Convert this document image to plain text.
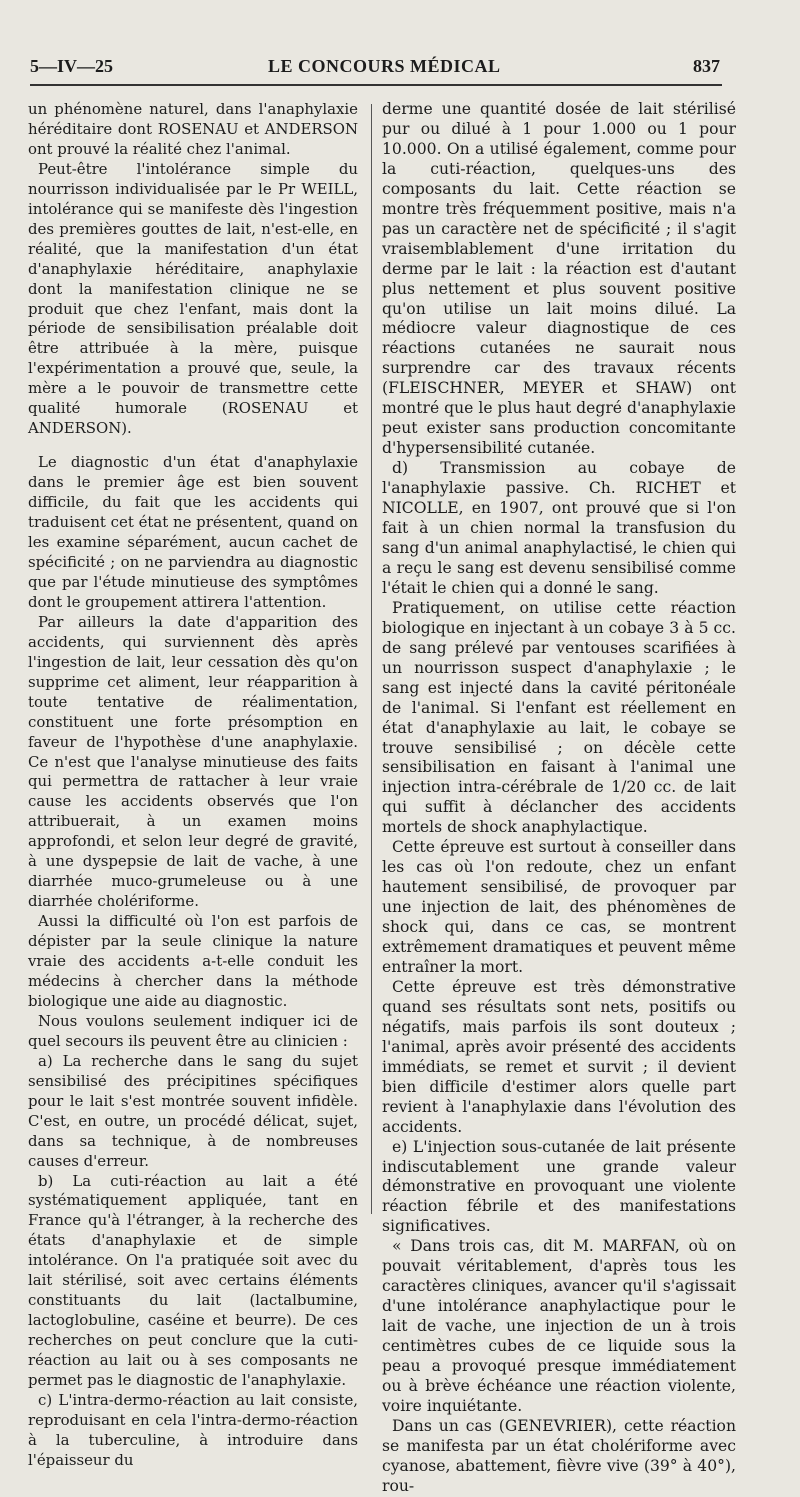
5—IV—25	LE CONCOURS MÉDICAL	837

un phénomène naturel, dans l'anaphylaxie héréditaire dont ROSENAU et ANDERSON ont prouvé la réalité chez l'animal.

Peut-être l'intolérance simple du nourrisson individualisée par le Pr WEILL, intolérance qui se manifeste dès l'ingestion des premières gouttes de lait, n'est-elle, en réalité, que la manifestation d'un état d'anaphylaxie héréditaire, anaphylaxie dont la manifestation clinique ne se produit que chez l'enfant, mais dont la période de sensibilisation préalable doit être attribuée à la mère, puisque l'expérimentation a prouvé que, seule, la mère a le pouvoir de transmettre cette qualité humorale (ROSENAU et ANDERSON).

Le diagnostic d'un état d'anaphylaxie dans le premier âge est bien souvent difficile, du fait que les accidents qui traduisent cet état ne présentent, quand on les examine séparément, aucun cachet de spécificité ; on ne parviendra au diagnostic que par l'étude minutieuse des symptômes dont le groupement attirera l'attention.

Par ailleurs la date d'apparition des accidents, qui surviennent dès après l'ingestion de lait, leur cessation dès qu'on supprime cet aliment, leur réapparition à toute tentative de réalimentation, constituent une forte présomption en faveur de l'hypothèse d'une anaphylaxie. Ce n'est que l'analyse minutieuse des faits qui permettra de rattacher à leur vraie cause les accidents observés que l'on attribuerait, à un examen moins approfondi, et selon leur degré de gravité, à une dyspepsie de lait de vache, à une diarrhée muco-grumeleuse ou à une diarrhée cholériforme.

Aussi la difficulté où l'on est parfois de dépister par la seule clinique la nature vraie des accidents a-t-elle conduit les médecins à chercher dans la méthode biologique une aide au diagnostic.

Nous voulons seulement indiquer ici de quel secours ils peuvent être au clinicien :

a) La recherche dans le sang du sujet sensibilisé des précipitines spécifiques pour le lait s'est montrée souvent infidèle. C'est, en outre, un procédé délicat, sujet, dans sa technique, à de nombreuses causes d'erreur.

b) La cuti-réaction au lait a été systématiquement appliquée, tant en France qu'à l'étranger, à la recherche des états d'anaphylaxie et de simple intolérance. On l'a pratiquée soit avec du lait stérilisé, soit avec certains éléments constituants du lait (lactalbumine, lactoglobuline, caséine et beurre). De ces recherches on peut conclure que la cuti-réaction au lait ou à ses composants ne permet pas le diagnostic de l'anaphylaxie.

c) L'intra-dermo-réaction au lait consiste, reproduisant en cela l'intra-dermo-réaction à la tuberculine, à introduire dans l'épaisseur du

derme une quantité dosée de lait stérilisé pur ou dilué à 1 pour 1.000 ou 1 pour 10.000. On a utilisé également, comme pour la cuti-réaction, quelques-uns des composants du lait. Cette réaction se montre très fréquemment positive, mais n'a pas un caractère net de spécificité ; il s'agit vraisemblablement d'une irritation du derme par le lait : la réaction est d'autant plus nettement et plus souvent positive qu'on utilise un lait moins dilué. La médiocre valeur diagnostique de ces réactions cutanées ne saurait nous surprendre car des travaux récents (FLEISCHNER, MEYER et SHAW) ont montré que le plus haut degré d'anaphylaxie peut exister sans production concomitante d'hypersensibilité cutanée.

d) Transmission au cobaye de l'anaphylaxie passive. Ch. RICHET et NICOLLE, en 1907, ont prouvé que si l'on fait à un chien normal la transfusion du sang d'un animal anaphylactisé, le chien qui a reçu le sang est devenu sensibilisé comme l'était le chien qui a donné le sang.

Pratiquement, on utilise cette réaction biologique en injectant à un cobaye 3 à 5 cc. de sang prélevé par ventouses scarifiées à un nourrisson suspect d'anaphylaxie ; le sang est injecté dans la cavité péritonéale de l'animal. Si l'enfant est réellement en état d'anaphylaxie au lait, le cobaye se trouve sensibilisé ; on décèle cette sensibilisation en faisant à l'animal une injection intra-cérébrale de 1/20 cc. de lait qui suffit à déclancher des accidents mortels de shock anaphylactique.

Cette épreuve est surtout à conseiller dans les cas où l'on redoute, chez un enfant hautement sensibilisé, de provoquer par une injection de lait, des phénomènes de shock qui, dans ce cas, se montrent extrêmement dramatiques et peuvent même entraîner la mort.

Cette épreuve est très démonstrative quand ses résultats sont nets, positifs ou négatifs, mais parfois ils sont douteux ; l'animal, après avoir présenté des accidents immédiats, se remet et survit ; il devient bien difficile d'estimer alors quelle part revient à l'anaphylaxie dans l'évolution des accidents.

e) L'injection sous-cutanée de lait présente indiscutablement une grande valeur démonstrative en provoquant une violente réaction fébrile et des manifestations significatives.

« Dans trois cas, dit M. MARFAN, où on pouvait véritablement, d'après tous les caractères cliniques, avancer qu'il s'agissait d'une intolérance anaphylactique pour le lait de vache, une injection de un à trois centimètres cubes de ce liquide sous la peau a provoqué presque immédiatement ou à brève échéance une réaction violente, voire inquiétante.

Dans un cas (GENEVRIER), cette réaction se manifesta par un état cholériforme avec cyanose, abattement, fièvre vive (39° à 40°), rou-
